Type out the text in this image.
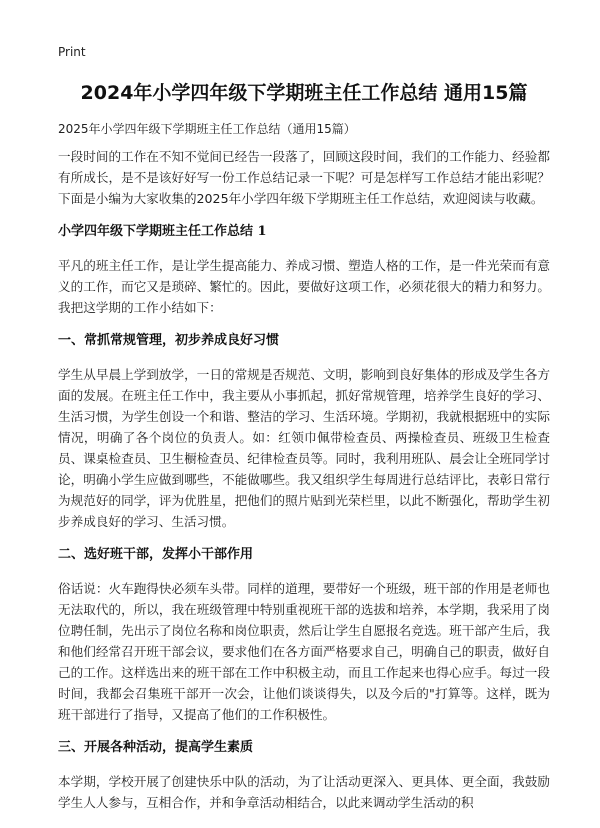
Print
2024年小学四年级下学期班主任工作总结 通用15篇
2025年小学四年级下学期班主任工作总结（通用15篇）

一段时间的工作在不知不觉间已经告一段落了，回顾这段时间，我们的工作能力、经验都有所成长，是不是该好好写一份工作总结记录一下呢？可是怎样写工作总结才能出彩呢？下面是小编为大家收集的2025年小学四年级下学期班主任工作总结，欢迎阅读与收藏。

小学四年级下学期班主任工作总结 1

平凡的班主任工作，是让学生提高能力、养成习惯、塑造人格的工作，是一件光荣而有意义的工作，而它又是琐碎、繁忙的。因此，要做好这项工作，必须花很大的精力和努力。我把这学期的工作小结如下：

一、常抓常规管理，初步养成良好习惯

学生从早晨上学到放学，一日的常规是否规范、文明，影响到良好集体的形成及学生各方面的发展。在班主任工作中，我主要从小事抓起，抓好常规管理，培养学生良好的学习、生活习惯，为学生创设一个和谐、整洁的学习、生活环境。学期初，我就根据班中的实际情况，明确了各个岗位的负责人。如：红领巾佩带检查员、两操检查员、班级卫生检查员、课桌检查员、卫生橱检查员、纪律检查员等。同时，我利用班队、晨会让全班同学讨论，明确小学生应做到哪些，不能做哪些。我又组织学生每周进行总结评比，表彰日常行为规范好的同学，评为优胜星，把他们的照片贴到光荣栏里，以此不断强化，帮助学生初步养成良好的学习、生活习惯。

二、选好班干部，发挥小干部作用

俗话说：火车跑得快必须车头带。同样的道理，要带好一个班级，班干部的作用是老师也无法取代的，所以，我在班级管理中特别重视班干部的选拔和培养，本学期，我采用了岗位聘任制，先出示了岗位名称和岗位职责，然后让学生自愿报名竞选。班干部产生后，我和他们经常召开班干部会议，要求他们在各方面严格要求自己，明确自己的职责，做好自己的工作。这样选出来的班干部在工作中积极主动，而且工作起来也得心应手。每过一段时间，我都会召集班干部开一次会，让他们谈谈得失，以及今后的"打算等。这样，既为班干部进行了指导，又提高了他们的工作积极性。

三、开展各种活动，提高学生素质

本学期，学校开展了创建快乐中队的活动，为了让活动更深入、更具体、更全面，我鼓励学生人人参与，互相合作，并和争章活动相结合，以此来调动学生活动的积
